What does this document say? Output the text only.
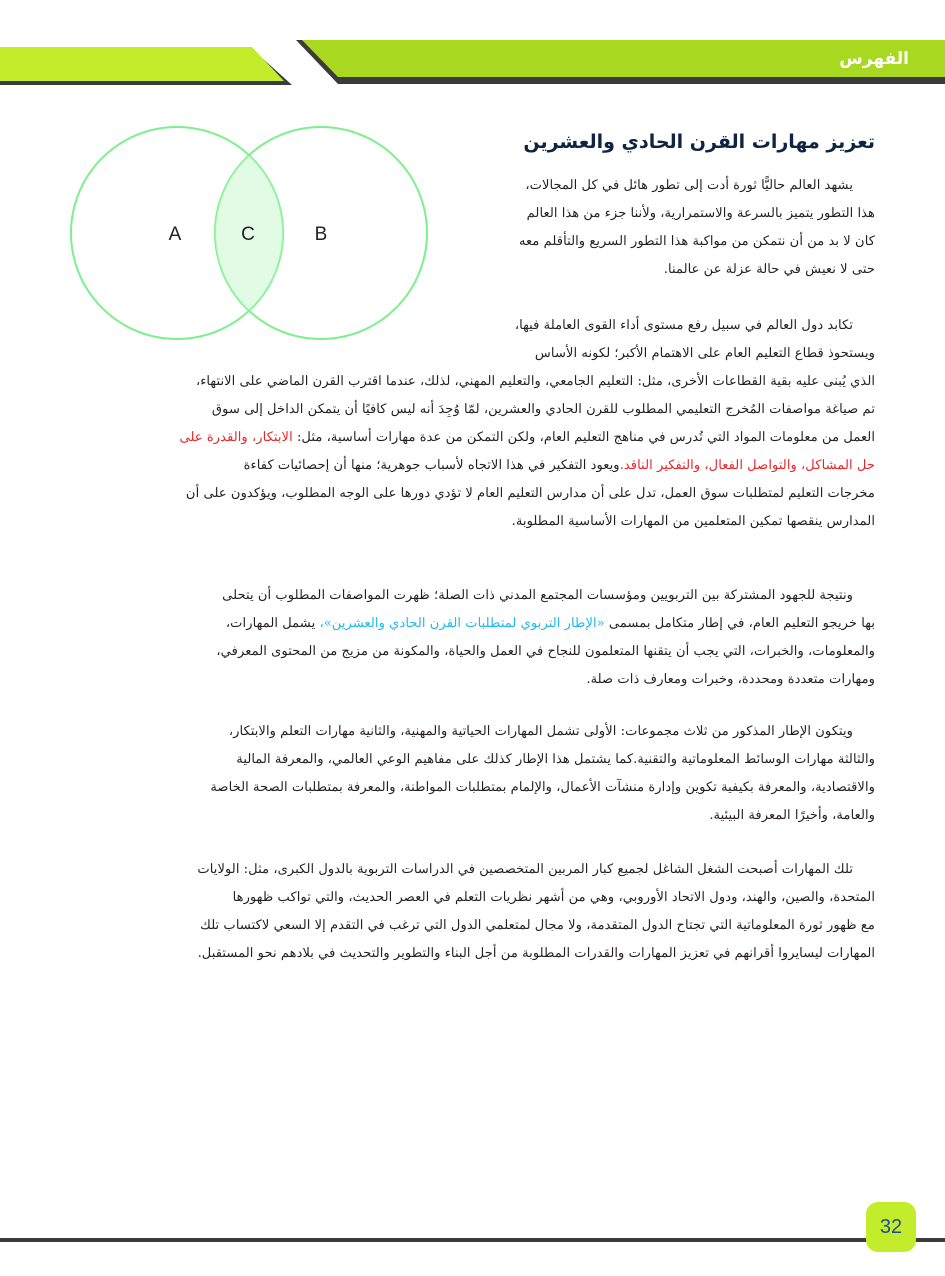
الفهرس
A	C	B
تعزيز مهارات القرن الحادي والعشرين
يشهد العالم حاليًّا ثورة أدت إلى تطور هائل في كل المجالات،
هذا التطور يتميز بالسرعة والاستمرارية، ولأننا جزء من هذا العالم
كان لا بد من أن نتمكن من مواكبة هذا التطور السريع والتأقلم معه
حتى لا نعيش في حالة عزلة عن عالمنا.
تكابد دول العالم في سبيل رفع مستوى أداء القوى العاملة فيها،
ويستحوذ قطاع التعليم العام على الاهتمام الأكبر؛ لكونه الأساس
الذي يُبنى عليه بقية القطاعات الأخرى، مثل: التعليم الجامعي، والتعليم المهني، لذلك، عندما اقترب القرن الماضي على الانتهاء،
تم صياغة مواصفات المُخرج التعليمي المطلوب للقرن الحادي والعشرين، لمّا وُجِدَ أنه ليس كافيًا أن يتمكن الداخل إلى سوق
العمل من معلومات المواد التي تُدرس في مناهج التعليم العام، ولكن التمكن من عدة مهارات أساسية، مثل: الابتكار، والقدرة على
حل المشاكل، والتواصل الفعال، والتفكير الناقد.ويعود التفكير في هذا الاتجاه لأسباب جوهرية؛ منها أن إحصائيات كفاءة
مخرجات التعليم لمتطلبات سوق العمل، تدل على أن مدارس التعليم العام لا تؤدي دورها على الوجه المطلوب، ويؤكدون على أن
المدارس ينقصها تمكين المتعلمين من المهارات الأساسية المطلوبة.
ونتيجة للجهود المشتركة بين التربويين ومؤسسات المجتمع المدني ذات الصلة؛ ظهرت المواصفات المطلوب أن يتحلى
بها خريجو التعليم العام، في إطار متكامل بمسمى «الإطار التربوي لمتطلبات القرن الحادي والعشرين»، يشمل المهارات،
والمعلومات، والخبرات، التي يجب أن يتقنها المتعلمون للنجاح في العمل والحياة، والمكونة من مزيج من المحتوى المعرفي،
ومهارات متعددة ومحددة، وخبرات ومعارف ذات صلة.
ويتكون الإطار المذكور من ثلاث مجموعات: الأولى تشمل المهارات الحياتية والمهنية، والثانية مهارات التعلم والابتكار،
والثالثة مهارات الوسائط المعلوماتية والتقنية.كما يشتمل هذا الإطار كذلك على مفاهيم الوعي العالمي، والمعرفة المالية
والاقتصادية، والمعرفة بكيفية تكوين وإدارة منشآت الأعمال، والإلمام بمتطلبات المواطنة، والمعرفة بمتطلبات الصحة الخاصة
والعامة، وأخيرًا المعرفة البيئية.
تلك المهارات أصبحت الشغل الشاغل لجميع كبار المربين المتخصصين في الدراسات التربوية بالدول الكبرى، مثل: الولايات
المتحدة، والصين، والهند، ودول الاتحاد الأوروبي، وهي من أشهر نظريات التعلم في العصر الحديث، والتي تواكب ظهورها
مع ظهور ثورة المعلوماتية التي تجتاح الدول المتقدمة، ولا مجال لمتعلمي الدول التي ترغب في التقدم إلا السعي لاكتساب تلك
المهارات ليسايروا أقرانهم في تعزيز المهارات والقدرات المطلوبة من أجل البناء والتطوير والتحديث في بلادهم نحو المستقبل.
32
